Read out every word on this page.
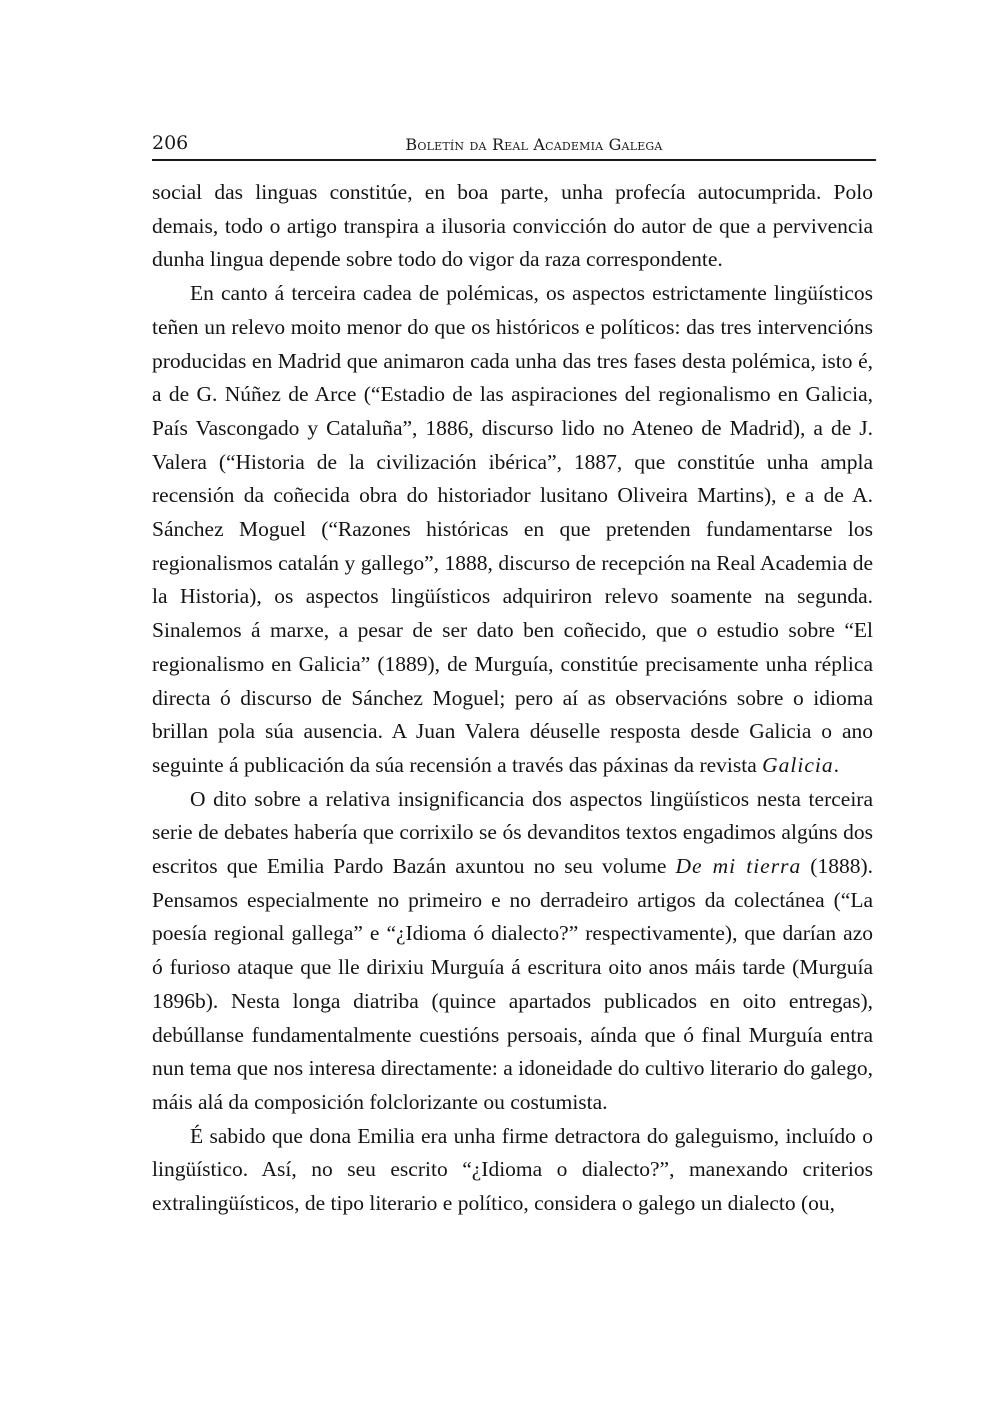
206	Boletín da Real Academia Galega

social das linguas constitúe, en boa parte, unha profecía autocumprida. Polo demais, todo o artigo transpira a ilusoria convicción do autor de que a pervivencia dunha lingua depende sobre todo do vigor da raza correspondente.

En canto á terceira cadea de polémicas, os aspectos estrictamente lingüísticos teñen un relevo moito menor do que os históricos e políticos: das tres intervencións producidas en Madrid que animaron cada unha das tres fases desta polémica, isto é, a de G. Núñez de Arce (“Estadio de las aspiraciones del regionalismo en Galicia, País Vascongado y Cataluña”, 1886, discurso lido no Ateneo de Madrid), a de J. Valera (“Historia de la civilización ibérica”, 1887, que constitúe unha ampla recensión da coñecida obra do historiador lusitano Oliveira Martins), e a de A. Sánchez Moguel (“Razones históricas en que pretenden fundamentarse los regionalismos catalán y gallego”, 1888, discurso de recepción na Real Academia de la Historia), os aspectos lingüísticos adquiriron relevo soamente na segunda. Sinalemos á marxe, a pesar de ser dato ben coñecido, que o estudio sobre “El regionalismo en Galicia” (1889), de Murguía, constitúe precisamente unha réplica directa ó discurso de Sánchez Moguel; pero aí as observacións sobre o idioma brillan pola súa ausencia. A Juan Valera déuselle resposta desde Galicia o ano seguinte á publicación da súa recensión a través das páxinas da revista Galicia.

O dito sobre a relativa insignificancia dos aspectos lingüísticos nesta terceira serie de debates habería que corrixilo se ós devanditos textos engadimos algúns dos escritos que Emilia Pardo Bazán axuntou no seu volume De mi tierra (1888). Pensamos especialmente no primeiro e no derradeiro artigos da colectánea (“La poesía regional gallega” e “¿Idioma ó dialecto?” respectivamente), que darían azo ó furioso ataque que lle dirixiu Murguía á escritura oito anos máis tarde (Murguía 1896b). Nesta longa diatriba (quince apartados publicados en oito entregas), debúllanse fundamentalmente cuestións persoais, aínda que ó final Murguía entra nun tema que nos interesa directamente: a idoneidade do cultivo literario do galego, máis alá da composición folclorizante ou costumista.

É sabido que dona Emilia era unha firme detractora do galeguismo, incluído o lingüístico. Así, no seu escrito “¿Idioma o dialecto?”, manexando criterios extralingüísticos, de tipo literario e político, considera o galego un dialecto (ou,
